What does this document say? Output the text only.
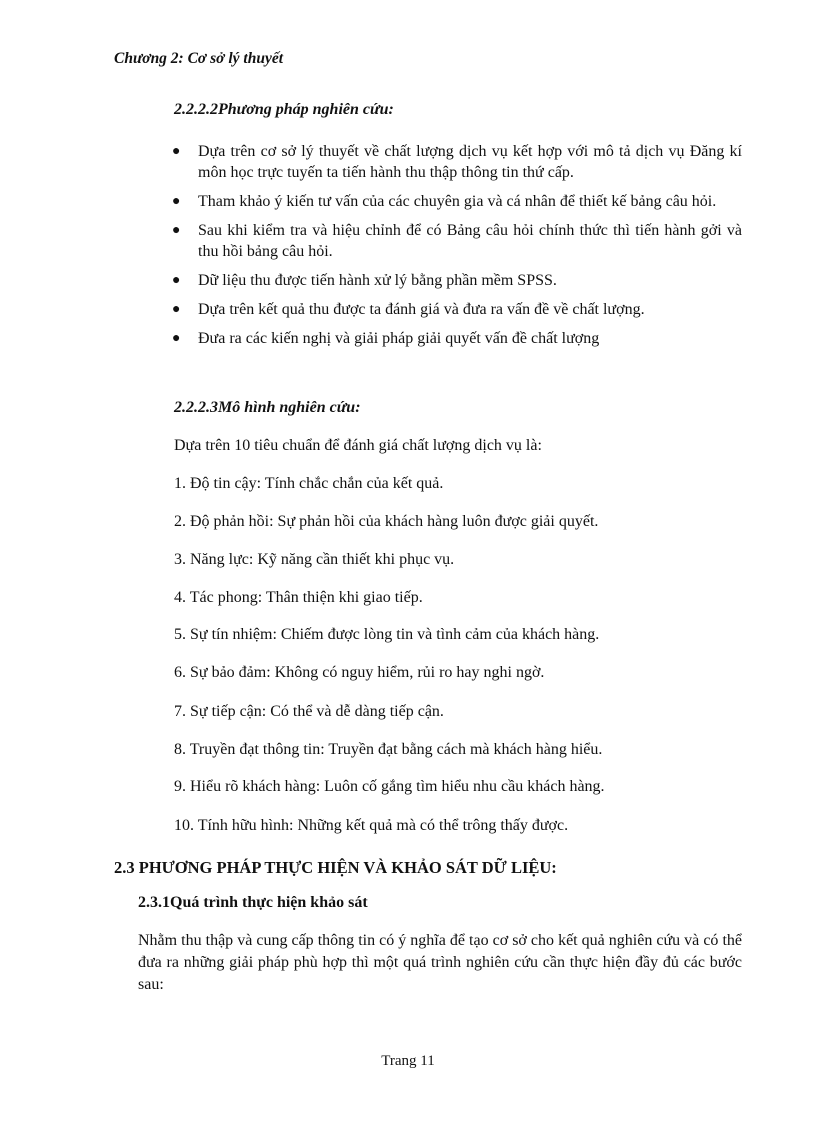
Chương 2: Cơ sở lý thuyết
2.2.2.2Phương pháp nghiên cứu:
● Dựa trên cơ sở lý thuyết về chất lượng dịch vụ kết hợp với mô tả dịch vụ Đăng kí môn học trực tuyến ta tiến hành thu thập thông tin thứ cấp.
● Tham khảo ý kiến tư vấn của các chuyên gia và cá nhân để thiết kế bảng câu hỏi.
● Sau khi kiểm tra và hiệu chỉnh để có Bảng câu hỏi chính thức thì tiến hành gởi và thu hồi bảng câu hỏi.
● Dữ liệu thu được tiến hành xử lý bằng phần mềm SPSS.
● Dựa trên kết quả thu được ta đánh giá và đưa ra vấn đề về chất lượng.
● Đưa ra các kiến nghị và giải pháp giải quyết vấn đề chất lượng
2.2.2.3Mô hình nghiên cứu:
Dựa trên 10 tiêu chuẩn để đánh giá chất lượng dịch vụ là:
1. Độ tin cậy: Tính chắc chắn của kết quả.
2. Độ phản hồi: Sự phản hồi của khách hàng luôn được giải quyết.
3. Năng lực: Kỹ năng cần thiết khi phục vụ.
4. Tác phong: Thân thiện khi giao tiếp.
5. Sự tín nhiệm: Chiếm được lòng tin và tình cảm của khách hàng.
6. Sự bảo đảm: Không có nguy hiểm, rủi ro hay nghi ngờ.
7. Sự tiếp cận: Có thể và dễ dàng tiếp cận.
8. Truyền đạt thông tin: Truyền đạt bằng cách mà khách hàng hiểu.
9. Hiểu rõ khách hàng: Luôn cố gắng tìm hiểu nhu cầu khách hàng.
10. Tính hữu hình: Những kết quả mà có thể trông thấy được.
2.3 PHƯƠNG PHÁP THỰC HIỆN VÀ KHẢO SÁT DỮ LIỆU:
2.3.1Quá trình thực hiện khảo sát

Nhằm thu thập và cung cấp thông tin có ý nghĩa để tạo cơ sở cho kết quả nghiên cứu và có thể đưa ra những giải pháp phù hợp thì một quá trình nghiên cứu cần thực hiện đầy đủ các bước sau:

Trang 11
